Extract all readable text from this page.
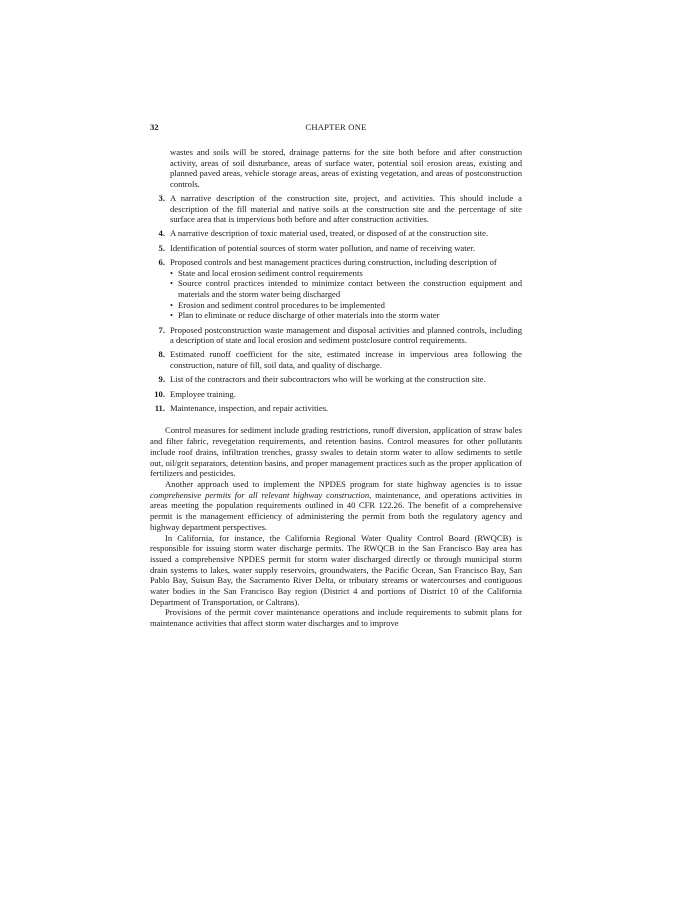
32	CHAPTER ONE

wastes and soils will be stored, drainage patterns for the site both before and after construction activity, areas of soil disturbance, areas of surface water, potential soil erosion areas, existing and planned paved areas, vehicle storage areas, areas of existing vegetation, and areas of postconstruction controls.

3. A narrative description of the construction site, project, and activities. This should include a description of the fill material and native soils at the construction site and the percentage of site surface area that is impervious both before and after construction activities.
4. A narrative description of toxic material used, treated, or disposed of at the construction site.
5. Identification of potential sources of storm water pollution, and name of receiving water.
6. Proposed controls and best management practices during construction, including description of
• State and local erosion sediment control requirements
• Source control practices intended to minimize contact between the construction equipment and materials and the storm water being discharged
• Erosion and sediment control procedures to be implemented
• Plan to eliminate or reduce discharge of other materials into the storm water
7. Proposed postconstruction waste management and disposal activities and planned controls, including a description of state and local erosion and sediment postclosure control requirements.
8. Estimated runoff coefficient for the site, estimated increase in impervious area following the construction, nature of fill, soil data, and quality of discharge.
9. List of the contractors and their subcontractors who will be working at the construction site.
10. Employee training.
11. Maintenance, inspection, and repair activities.

Control measures for sediment include grading restrictions, runoff diversion, application of straw bales and filter fabric, revegetation requirements, and retention basins. Control measures for other pollutants include roof drains, infiltration trenches, grassy swales to detain storm water to allow sediments to settle out, oil/grit separators, detention basins, and proper management practices such as the proper application of fertilizers and pesticides.

Another approach used to implement the NPDES program for state highway agencies is to issue comprehensive permits for all relevant highway construction, maintenance, and operations activities in areas meeting the population requirements outlined in 40 CFR 122.26. The benefit of a comprehensive permit is the management efficiency of administering the permit from both the regulatory agency and highway department perspectives.

In California, for instance, the California Regional Water Quality Control Board (RWQCB) is responsible for issuing storm water discharge permits. The RWQCB in the San Francisco Bay area has issued a comprehensive NPDES permit for storm water discharged directly or through municipal storm drain systems to lakes, water supply reservoirs, groundwaters, the Pacific Ocean, San Francisco Bay, San Pablo Bay, Suisun Bay, the Sacramento River Delta, or tributary streams or watercourses and contiguous water bodies in the San Francisco Bay region (District 4 and portions of District 10 of the California Department of Transportation, or Caltrans).

Provisions of the permit cover maintenance operations and include requirements to submit plans for maintenance activities that affect storm water discharges and to improve
